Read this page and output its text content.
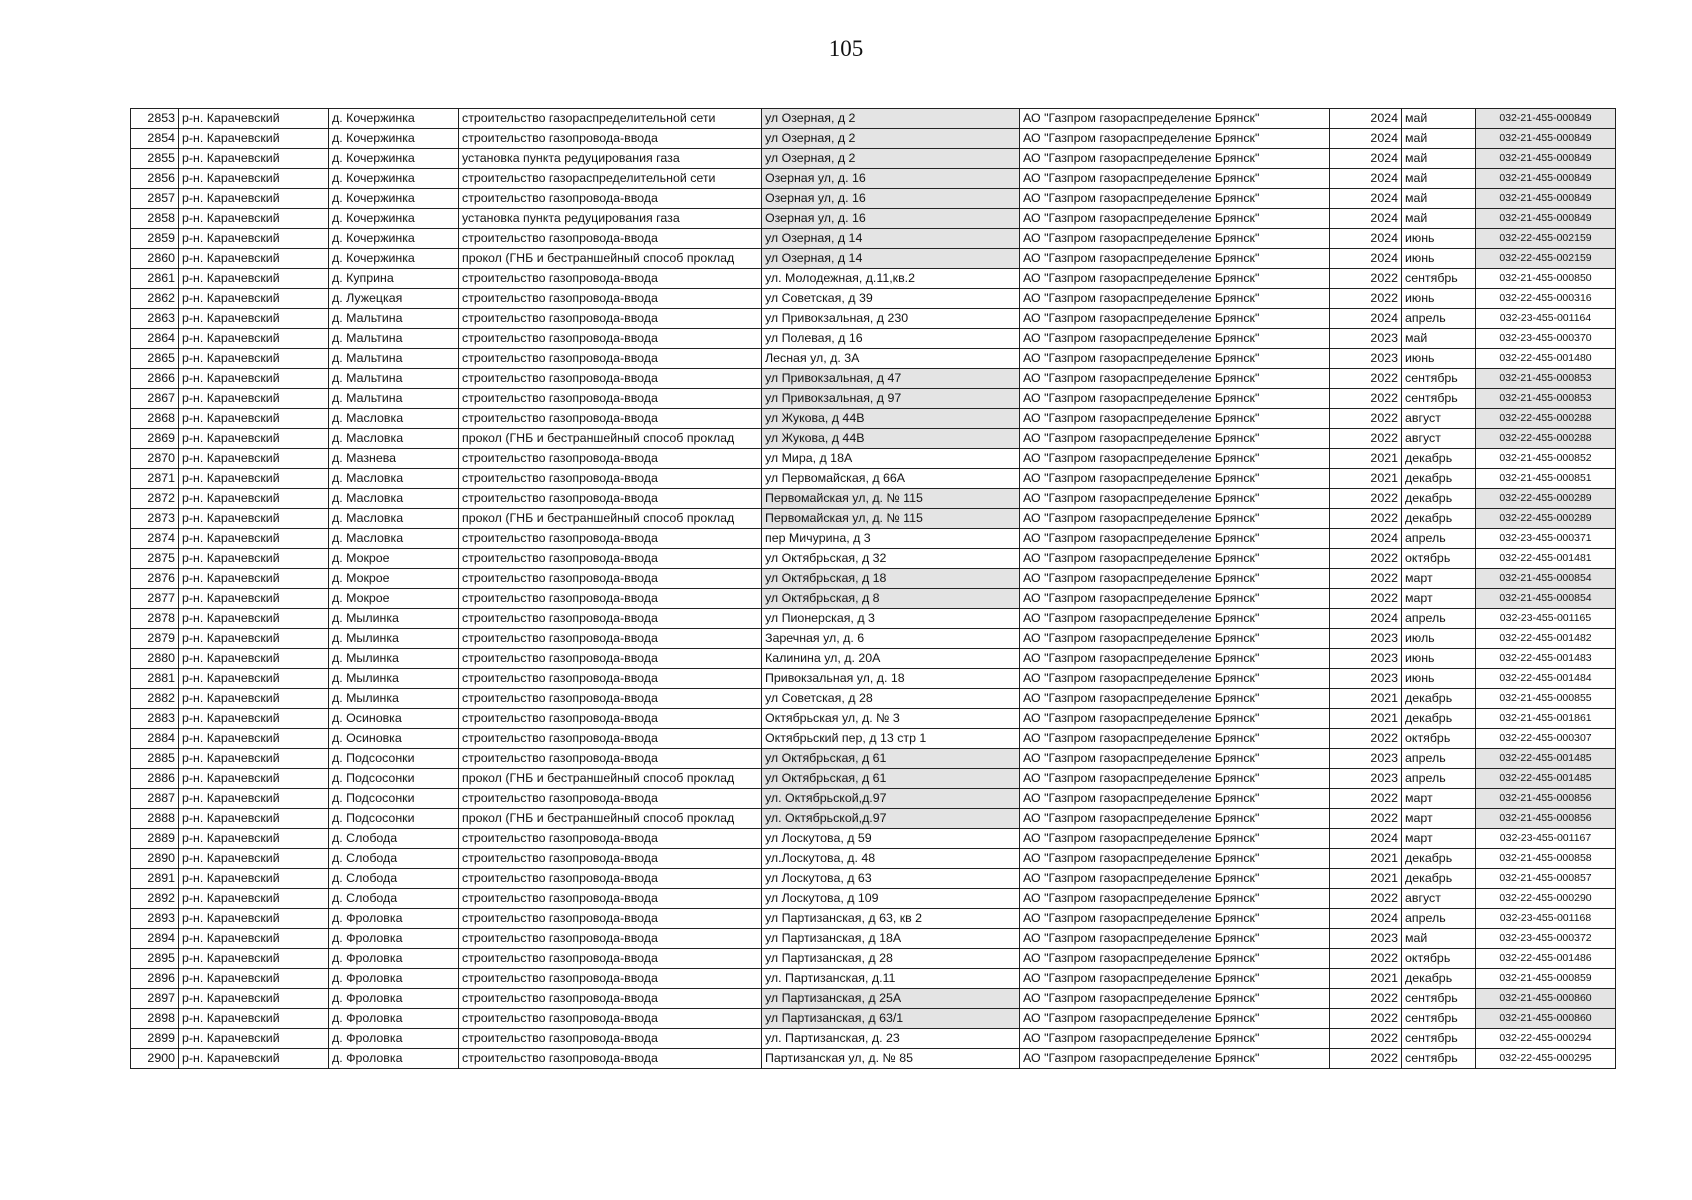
105
2853	р-н. Карачевский	д. Кочержинка	строительство газораспределительной сети	ул Озерная, д 2	АО "Газпром газораспределение Брянск"	2024	май	032-21-455-000849
2854	р-н. Карачевский	д. Кочержинка	строительство газопровода-ввода	ул Озерная, д 2	АО "Газпром газораспределение Брянск"	2024	май	032-21-455-000849
2855	р-н. Карачевский	д. Кочержинка	установка пункта редуцирования газа	ул Озерная, д 2	АО "Газпром газораспределение Брянск"	2024	май	032-21-455-000849
2856	р-н. Карачевский	д. Кочержинка	строительство газораспределительной сети	Озерная ул, д. 16	АО "Газпром газораспределение Брянск"	2024	май	032-21-455-000849
2857	р-н. Карачевский	д. Кочержинка	строительство газопровода-ввода	Озерная ул, д. 16	АО "Газпром газораспределение Брянск"	2024	май	032-21-455-000849
2858	р-н. Карачевский	д. Кочержинка	установка пункта редуцирования газа	Озерная ул, д. 16	АО "Газпром газораспределение Брянск"	2024	май	032-21-455-000849
2859	р-н. Карачевский	д. Кочержинка	строительство газопровода-ввода	ул Озерная, д 14	АО "Газпром газораспределение Брянск"	2024	июнь	032-22-455-002159
2860	р-н. Карачевский	д. Кочержинка	прокол (ГНБ и бестраншейный способ проклад	ул Озерная, д 14	АО "Газпром газораспределение Брянск"	2024	июнь	032-22-455-002159
2861	р-н. Карачевский	д. Куприна	строительство газопровода-ввода	ул. Молодежная, д.11,кв.2	АО "Газпром газораспределение Брянск"	2022	сентябрь	032-21-455-000850
2862	р-н. Карачевский	д. Лужецкая	строительство газопровода-ввода	ул Советская, д 39	АО "Газпром газораспределение Брянск"	2022	июнь	032-22-455-000316
2863	р-н. Карачевский	д. Мальтина	строительство газопровода-ввода	ул Привокзальная, д 230	АО "Газпром газораспределение Брянск"	2024	апрель	032-23-455-001164
2864	р-н. Карачевский	д. Мальтина	строительство газопровода-ввода	ул Полевая, д 16	АО "Газпром газораспределение Брянск"	2023	май	032-23-455-000370
2865	р-н. Карачевский	д. Мальтина	строительство газопровода-ввода	Лесная ул, д. 3А	АО "Газпром газораспределение Брянск"	2023	июнь	032-22-455-001480
2866	р-н. Карачевский	д. Мальтина	строительство газопровода-ввода	ул Привокзальная, д 47	АО "Газпром газораспределение Брянск"	2022	сентябрь	032-21-455-000853
2867	р-н. Карачевский	д. Мальтина	строительство газопровода-ввода	ул Привокзальная, д 97	АО "Газпром газораспределение Брянск"	2022	сентябрь	032-21-455-000853
2868	р-н. Карачевский	д. Масловка	строительство газопровода-ввода	ул Жукова, д 44В	АО "Газпром газораспределение Брянск"	2022	август	032-22-455-000288
2869	р-н. Карачевский	д. Масловка	прокол (ГНБ и бестраншейный способ проклад	ул Жукова, д 44В	АО "Газпром газораспределение Брянск"	2022	август	032-22-455-000288
2870	р-н. Карачевский	д. Мазнева	строительство газопровода-ввода	ул Мира, д 18А	АО "Газпром газораспределение Брянск"	2021	декабрь	032-21-455-000852
2871	р-н. Карачевский	д. Масловка	строительство газопровода-ввода	ул Первомайская, д 66А	АО "Газпром газораспределение Брянск"	2021	декабрь	032-21-455-000851
2872	р-н. Карачевский	д. Масловка	строительство газопровода-ввода	Первомайская ул, д. № 115	АО "Газпром газораспределение Брянск"	2022	декабрь	032-22-455-000289
2873	р-н. Карачевский	д. Масловка	прокол (ГНБ и бестраншейный способ проклад	Первомайская ул, д. № 115	АО "Газпром газораспределение Брянск"	2022	декабрь	032-22-455-000289
2874	р-н. Карачевский	д. Масловка	строительство газопровода-ввода	пер Мичурина, д 3	АО "Газпром газораспределение Брянск"	2024	апрель	032-23-455-000371
2875	р-н. Карачевский	д. Мокрое	строительство газопровода-ввода	ул Октябрьская, д 32	АО "Газпром газораспределение Брянск"	2022	октябрь	032-22-455-001481
2876	р-н. Карачевский	д. Мокрое	строительство газопровода-ввода	ул Октябрьская, д 18	АО "Газпром газораспределение Брянск"	2022	март	032-21-455-000854
2877	р-н. Карачевский	д. Мокрое	строительство газопровода-ввода	ул Октябрьская, д 8	АО "Газпром газораспределение Брянск"	2022	март	032-21-455-000854
2878	р-н. Карачевский	д. Мылинка	строительство газопровода-ввода	ул Пионерская, д 3	АО "Газпром газораспределение Брянск"	2024	апрель	032-23-455-001165
2879	р-н. Карачевский	д. Мылинка	строительство газопровода-ввода	Заречная ул, д. 6	АО "Газпром газораспределение Брянск"	2023	июль	032-22-455-001482
2880	р-н. Карачевский	д. Мылинка	строительство газопровода-ввода	Калинина ул, д. 20А	АО "Газпром газораспределение Брянск"	2023	июнь	032-22-455-001483
2881	р-н. Карачевский	д. Мылинка	строительство газопровода-ввода	Привокзальная ул, д. 18	АО "Газпром газораспределение Брянск"	2023	июнь	032-22-455-001484
2882	р-н. Карачевский	д. Мылинка	строительство газопровода-ввода	ул Советская, д 28	АО "Газпром газораспределение Брянск"	2021	декабрь	032-21-455-000855
2883	р-н. Карачевский	д. Осиновка	строительство газопровода-ввода	Октябрьская ул, д. № 3	АО "Газпром газораспределение Брянск"	2021	декабрь	032-21-455-001861
2884	р-н. Карачевский	д. Осиновка	строительство газопровода-ввода	Октябрьский пер, д 13 стр 1	АО "Газпром газораспределение Брянск"	2022	октябрь	032-22-455-000307
2885	р-н. Карачевский	д. Подсосонки	строительство газопровода-ввода	ул Октябрьская, д 61	АО "Газпром газораспределение Брянск"	2023	апрель	032-22-455-001485
2886	р-н. Карачевский	д. Подсосонки	прокол (ГНБ и бестраншейный способ проклад	ул Октябрьская, д 61	АО "Газпром газораспределение Брянск"	2023	апрель	032-22-455-001485
2887	р-н. Карачевский	д. Подсосонки	строительство газопровода-ввода	ул. Октябрьской,д.97	АО "Газпром газораспределение Брянск"	2022	март	032-21-455-000856
2888	р-н. Карачевский	д. Подсосонки	прокол (ГНБ и бестраншейный способ проклад	ул. Октябрьской,д.97	АО "Газпром газораспределение Брянск"	2022	март	032-21-455-000856
2889	р-н. Карачевский	д. Слобода	строительство газопровода-ввода	ул Лоскутова, д 59	АО "Газпром газораспределение Брянск"	2024	март	032-23-455-001167
2890	р-н. Карачевский	д. Слобода	строительство газопровода-ввода	ул.Лоскутова, д. 48	АО "Газпром газораспределение Брянск"	2021	декабрь	032-21-455-000858
2891	р-н. Карачевский	д. Слобода	строительство газопровода-ввода	ул Лоскутова, д 63	АО "Газпром газораспределение Брянск"	2021	декабрь	032-21-455-000857
2892	р-н. Карачевский	д. Слобода	строительство газопровода-ввода	ул Лоскутова, д 109	АО "Газпром газораспределение Брянск"	2022	август	032-22-455-000290
2893	р-н. Карачевский	д. Фроловка	строительство газопровода-ввода	ул Партизанская, д 63, кв 2	АО "Газпром газораспределение Брянск"	2024	апрель	032-23-455-001168
2894	р-н. Карачевский	д. Фроловка	строительство газопровода-ввода	ул Партизанская, д 18А	АО "Газпром газораспределение Брянск"	2023	май	032-23-455-000372
2895	р-н. Карачевский	д. Фроловка	строительство газопровода-ввода	ул Партизанская, д 28	АО "Газпром газораспределение Брянск"	2022	октябрь	032-22-455-001486
2896	р-н. Карачевский	д. Фроловка	строительство газопровода-ввода	ул. Партизанская, д.11	АО "Газпром газораспределение Брянск"	2021	декабрь	032-21-455-000859
2897	р-н. Карачевский	д. Фроловка	строительство газопровода-ввода	ул Партизанская, д 25А	АО "Газпром газораспределение Брянск"	2022	сентябрь	032-21-455-000860
2898	р-н. Карачевский	д. Фроловка	строительство газопровода-ввода	ул Партизанская, д 63/1	АО "Газпром газораспределение Брянск"	2022	сентябрь	032-21-455-000860
2899	р-н. Карачевский	д. Фроловка	строительство газопровода-ввода	ул. Партизанская, д. 23	АО "Газпром газораспределение Брянск"	2022	сентябрь	032-22-455-000294
2900	р-н. Карачевский	д. Фроловка	строительство газопровода-ввода	Партизанская ул, д. № 85	АО "Газпром газораспределение Брянск"	2022	сентябрь	032-22-455-000295
